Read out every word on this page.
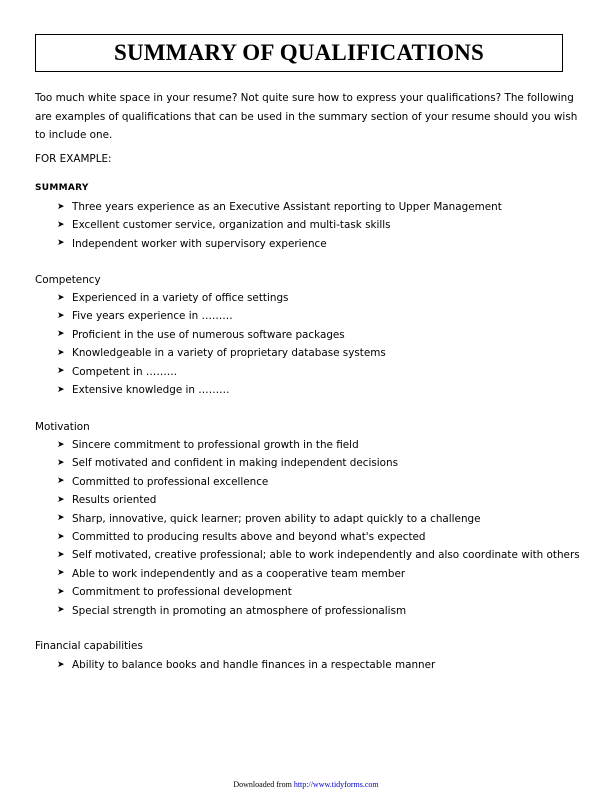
SUMMARY OF QUALIFICATIONS

Too much white space in your resume? Not quite sure how to express your qualifications? The following are examples of qualifications that can be used in the summary section of your resume should you wish to include one.

FOR EXAMPLE:

SUMMARY

➤ Three years experience as an Executive Assistant reporting to Upper Management
➤ Excellent customer service, organization and multi-task skills
➤ Independent worker with supervisory experience

Competency

➤ Experienced in a variety of office settings
➤ Five years experience in ………
➤ Proficient in the use of numerous software packages
➤ Knowledgeable in a variety of proprietary database systems
➤ Competent in ………
➤ Extensive knowledge in ………

Motivation

➤ Sincere commitment to professional growth in the field
➤ Self motivated and confident in making independent decisions
➤ Committed to professional excellence
➤ Results oriented
➤ Sharp, innovative, quick learner; proven ability to adapt quickly to a challenge
➤ Committed to producing results above and beyond what's expected
➤ Self motivated, creative professional; able to work independently and also coordinate with others
➤ Able to work independently and as a cooperative team member
➤ Commitment to professional development
➤ Special strength in promoting an atmosphere of professionalism

Financial capabilities

➤ Ability to balance books and handle finances in a respectable manner
Downloaded from http://www.tidyforms.com
